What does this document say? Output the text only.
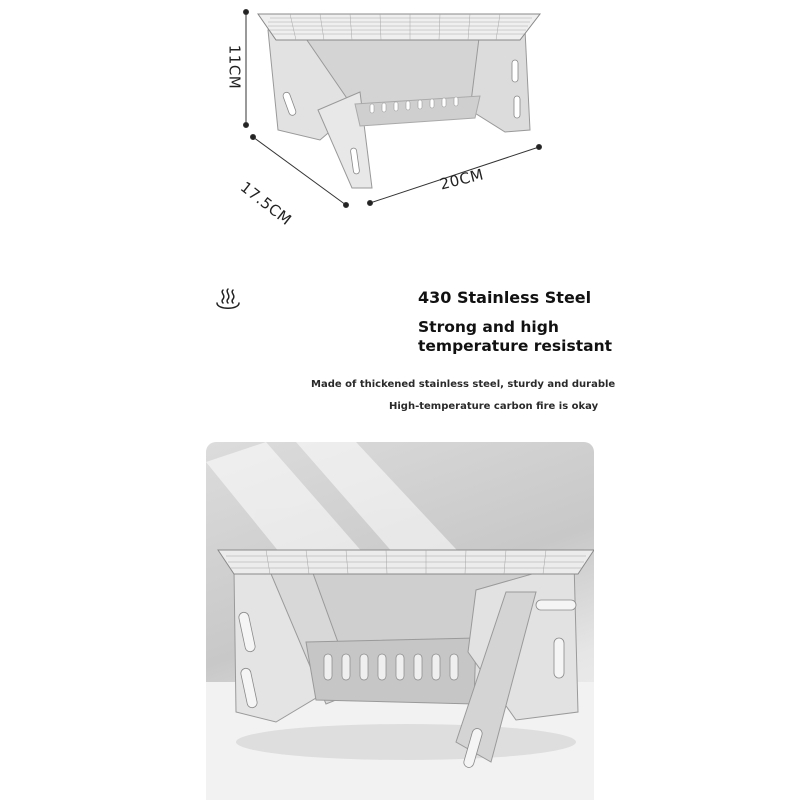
11CM
17.5CM	20CM
430 Stainless Steel
Strong and high
temperature resistant
Made of thickened stainless steel, sturdy and durable
High-temperature carbon fire is okay
